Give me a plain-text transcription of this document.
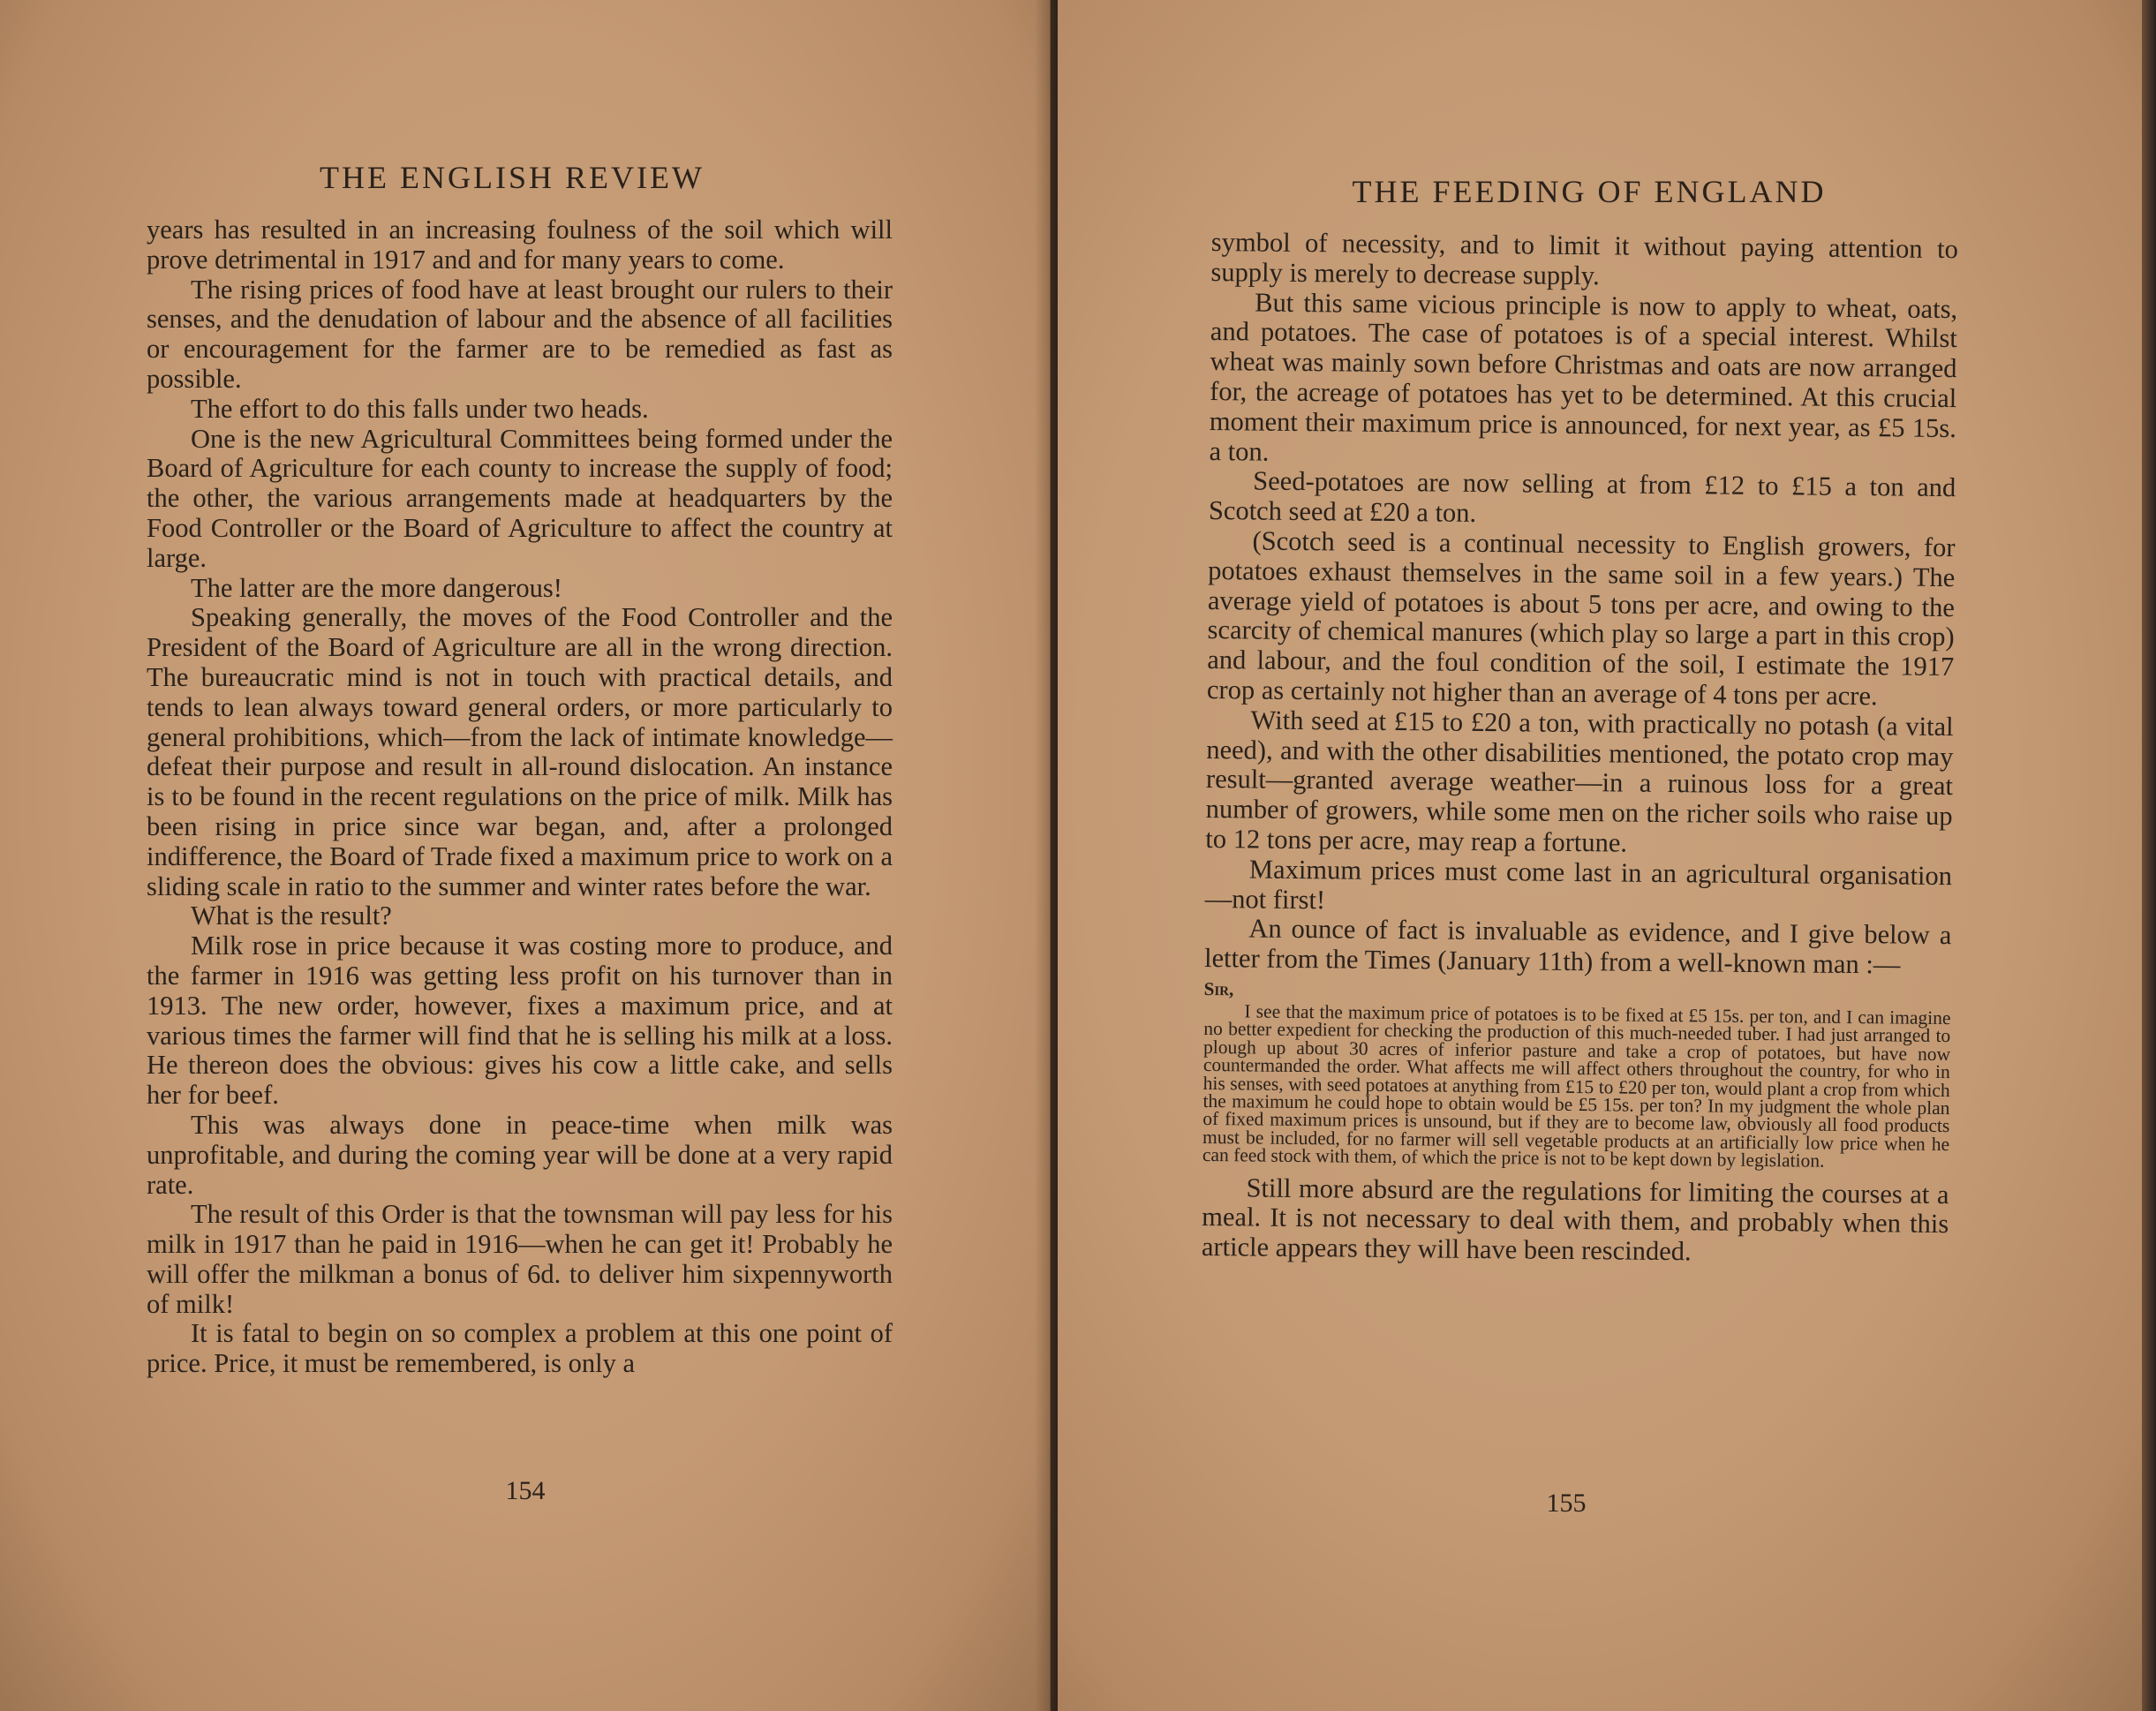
THE ENGLISH REVIEW

years has resulted in an increasing foulness of the soil which will prove detrimental in 1917 and and for many years to come.

The rising prices of food have at least brought our rulers to their senses, and the denudation of labour and the absence of all facilities or encouragement for the farmer are to be remedied as fast as possible.

The effort to do this falls under two heads.

One is the new Agricultural Committees being formed under the Board of Agriculture for each county to increase the supply of food; the other, the various arrangements made at headquarters by the Food Controller or the Board of Agriculture to affect the country at large.

The latter are the more dangerous!

Speaking generally, the moves of the Food Controller and the President of the Board of Agriculture are all in the wrong direction. The bureaucratic mind is not in touch with practical details, and tends to lean always toward general orders, or more particularly to general prohibitions, which—from the lack of intimate knowledge—defeat their purpose and result in all-round dislocation. An instance is to be found in the recent regulations on the price of milk. Milk has been rising in price since war began, and, after a prolonged indifference, the Board of Trade fixed a maximum price to work on a sliding scale in ratio to the summer and winter rates before the war.

What is the result?

Milk rose in price because it was costing more to produce, and the farmer in 1916 was getting less profit on his turnover than in 1913. The new order, however, fixes a maximum price, and at various times the farmer will find that he is selling his milk at a loss. He thereon does the obvious: gives his cow a little cake, and sells her for beef.

This was always done in peace-time when milk was unprofitable, and during the coming year will be done at a very rapid rate.

The result of this Order is that the townsman will pay less for his milk in 1917 than he paid in 1916—when he can get it! Probably he will offer the milkman a bonus of 6d. to deliver him sixpennyworth of milk!

It is fatal to begin on so complex a problem at this one point of price. Price, it must be remembered, is only a

154
THE FEEDING OF ENGLAND

symbol of necessity, and to limit it without paying attention to supply is merely to decrease supply.

But this same vicious principle is now to apply to wheat, oats, and potatoes. The case of potatoes is of a special interest. Whilst wheat was mainly sown before Christmas and oats are now arranged for, the acreage of potatoes has yet to be determined. At this crucial moment their maximum price is announced, for next year, as £5 15s. a ton.

Seed-potatoes are now selling at from £12 to £15 a ton and Scotch seed at £20 a ton.

(Scotch seed is a continual necessity to English growers, for potatoes exhaust themselves in the same soil in a few years.) The average yield of potatoes is about 5 tons per acre, and owing to the scarcity of chemical manures (which play so large a part in this crop) and labour, and the foul condition of the soil, I estimate the 1917 crop as certainly not higher than an average of 4 tons per acre.

With seed at £15 to £20 a ton, with practically no potash (a vital need), and with the other disabilities mentioned, the potato crop may result—granted average weather—in a ruinous loss for a great number of growers, while some men on the richer soils who raise up to 12 tons per acre, may reap a fortune.

Maximum prices must come last in an agricultural organisation—not first!

An ounce of fact is invaluable as evidence, and I give below a letter from the Times (January 11th) from a well-known man :—

Sir,
I see that the maximum price of potatoes is to be fixed at £5 15s. per ton, and I can imagine no better expedient for checking the production of this much-needed tuber. I had just arranged to plough up about 30 acres of inferior pasture and take a crop of potatoes, but have now countermanded the order. What affects me will affect others throughout the country, for who in his senses, with seed potatoes at anything from £15 to £20 per ton, would plant a crop from which the maximum he could hope to obtain would be £5 15s. per ton? In my judgment the whole plan of fixed maximum prices is unsound, but if they are to become law, obviously all food products must be included, for no farmer will sell vegetable products at an artificially low price when he can feed stock with them, of which the price is not to be kept down by legislation.

Still more absurd are the regulations for limiting the courses at a meal. It is not necessary to deal with them, and probably when this article appears they will have been rescinded.

155
